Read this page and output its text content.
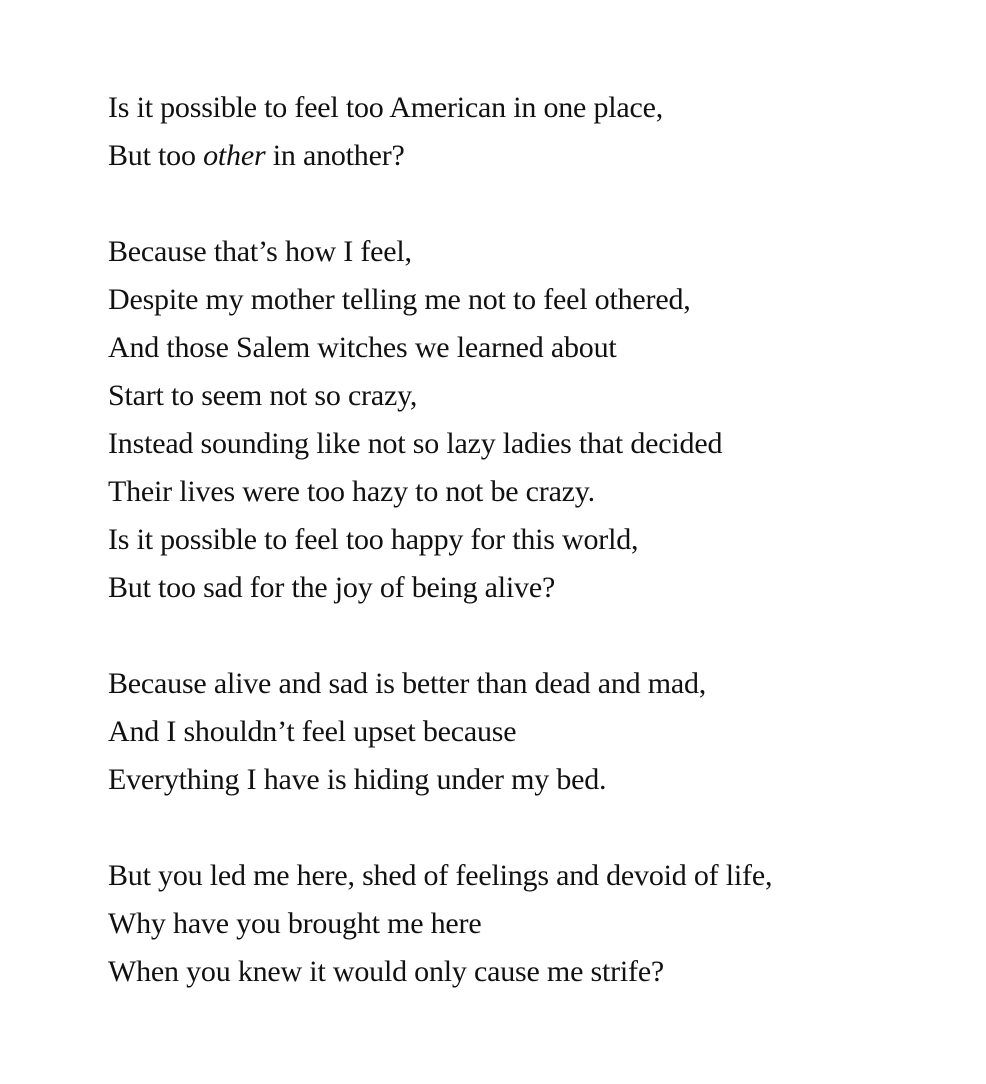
Is it possible to feel too American in one place,
But too other in another?
Because that’s how I feel,
Despite my mother telling me not to feel othered,
And those Salem witches we learned about
Start to seem not so crazy,
Instead sounding like not so lazy ladies that decided
Their lives were too hazy to not be crazy.
Is it possible to feel too happy for this world,
But too sad for the joy of being alive?
Because alive and sad is better than dead and mad,
And I shouldn’t feel upset because
Everything I have is hiding under my bed.
But you led me here, shed of feelings and devoid of life,
Why have you brought me here
When you knew it would only cause me strife?
